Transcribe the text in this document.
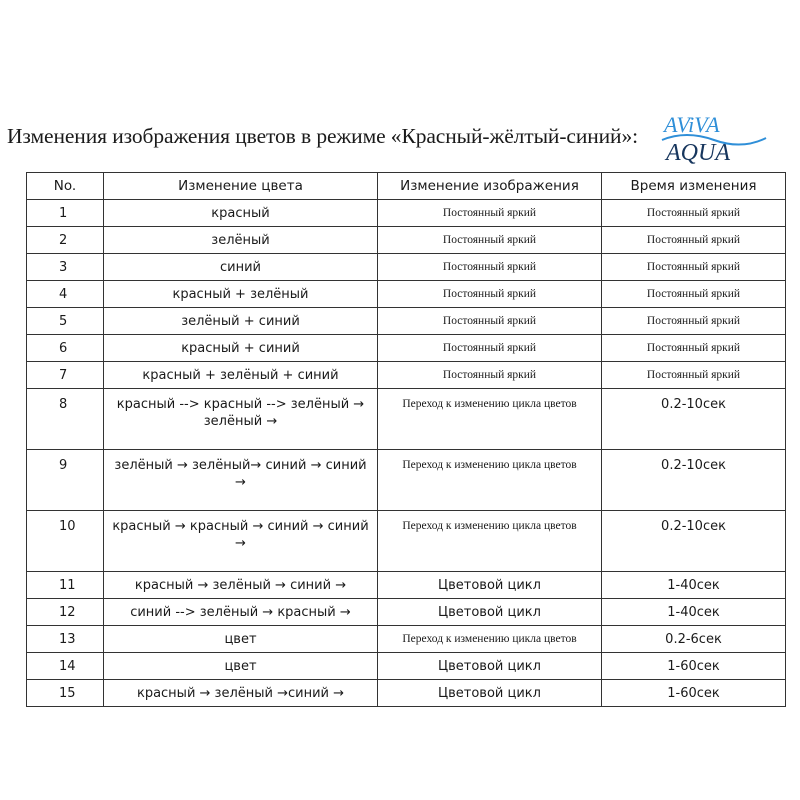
Изменения изображения цветов в режиме «Красный-жёлтый-синий»:	AViVA
AQUA
No.	Изменение цвета	Изменение изображения	Время изменения
1	красный	Постоянный яркий	Постоянный яркий
2	зелёный	Постоянный яркий	Постоянный яркий
3	синий	Постоянный яркий	Постоянный яркий
4	красный + зелёный	Постоянный яркий	Постоянный яркий
5	зелёный + синий	Постоянный яркий	Постоянный яркий
6	красный + синий	Постоянный яркий	Постоянный яркий
7	красный + зелёный + синий	Постоянный яркий	Постоянный яркий
8	красный --> красный --> зелёный → зелёный →	Переход к изменению цикла цветов	0.2-10сек
9	зелёный → зелёный→ синий → синий →	Переход к изменению цикла цветов	0.2-10сек
10	красный → красный → синий → синий →	Переход к изменению цикла цветов	0.2-10сек
11	красный → зелёный → синий →	Цветовой цикл	1-40сек
12	синий --> зелёный → красный →	Цветовой цикл	1-40сек
13	цвет	Переход к изменению цикла цветов	0.2-6сек
14	цвет	Цветовой цикл	1-60сек
15	красный → зелёный →синий →	Цветовой цикл	1-60сек
